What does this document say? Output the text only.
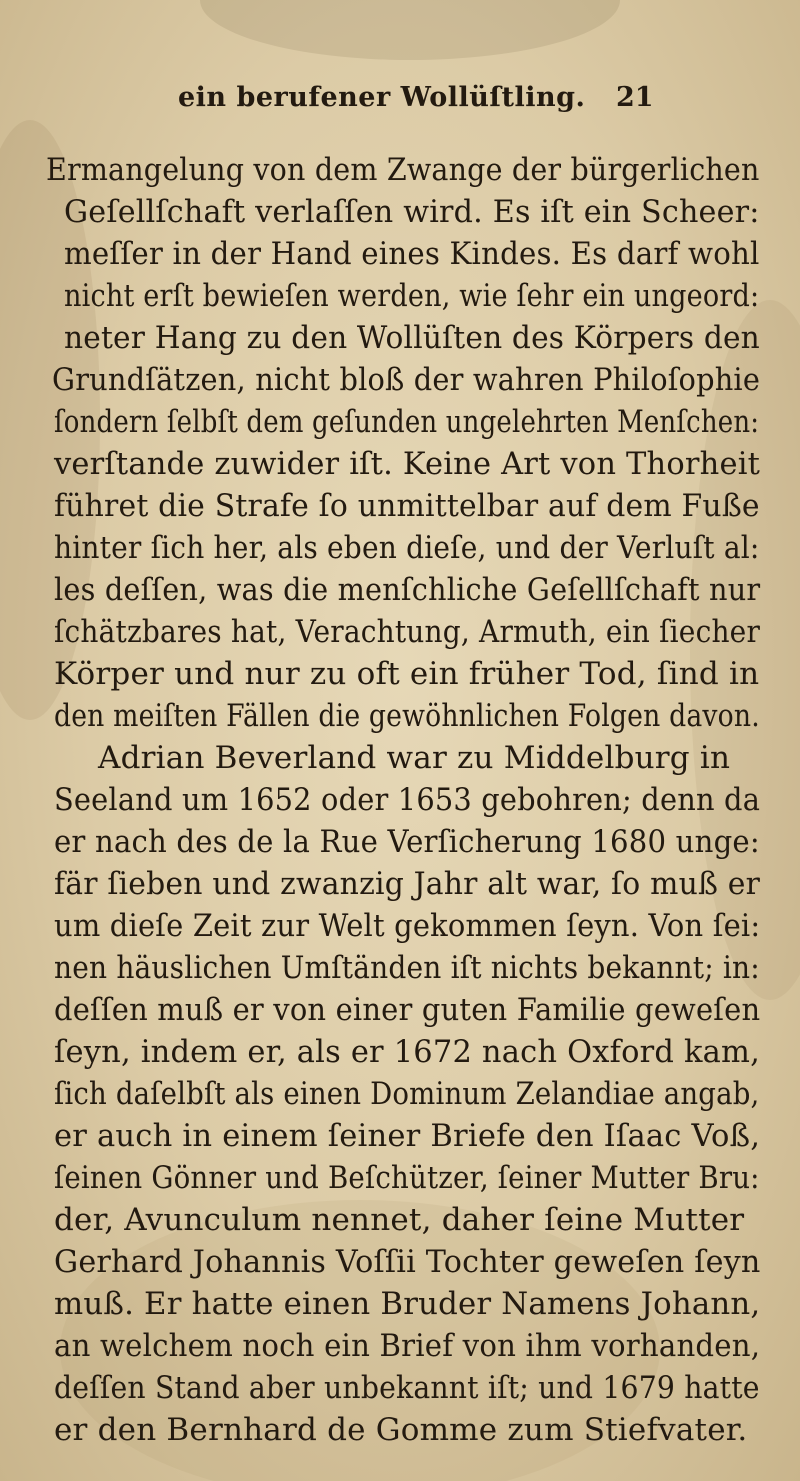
ein berufener Wollüſtling. 21
Ermangelung von dem Zwange der bürgerlichen
Geſellſchaft verlaſſen wird. Es iſt ein Scheer:
meſſer in der Hand eines Kindes. Es darf wohl
nicht erſt bewieſen werden, wie ſehr ein ungeord:
neter Hang zu den Wollüſten des Körpers den
Grundſätzen, nicht bloß der wahren Philoſophie
ſondern ſelbſt dem geſunden ungelehrten Menſchen:
verſtande zuwider iſt. Keine Art von Thorheit
führet die Strafe ſo unmittelbar auf dem Fuße
hinter ſich her, als eben dieſe, und der Verluſt al:
les deſſen, was die menſchliche Geſellſchaft nur
ſchätzbares hat, Verachtung, Armuth, ein ſiecher
Körper und nur zu oft ein früher Tod, ſind in
den meiſten Fällen die gewöhnlichen Folgen davon.
Adrian Beverland war zu Middelburg in
Seeland um 1652 oder 1653 gebohren; denn da
er nach des de la Rue Verſicherung 1680 unge:
fär ſieben und zwanzig Jahr alt war, ſo muß er
um dieſe Zeit zur Welt gekommen ſeyn. Von ſei:
nen häuslichen Umſtänden iſt nichts bekannt; in:
deſſen muß er von einer guten Familie geweſen
ſeyn, indem er, als er 1672 nach Oxford kam,
ſich daſelbſt als einen Dominum Zelandiae angab,
er auch in einem ſeiner Briefe den Iſaac Voß,
ſeinen Gönner und Beſchützer, ſeiner Mutter Bru:
der, Avunculum nennet, daher ſeine Mutter
Gerhard Johannis Voſſii Tochter geweſen ſeyn
muß. Er hatte einen Bruder Namens Johann,
an welchem noch ein Brief von ihm vorhanden,
deſſen Stand aber unbekannt iſt; und 1679 hatte
er den Bernhard de Gomme zum Stiefvater.
